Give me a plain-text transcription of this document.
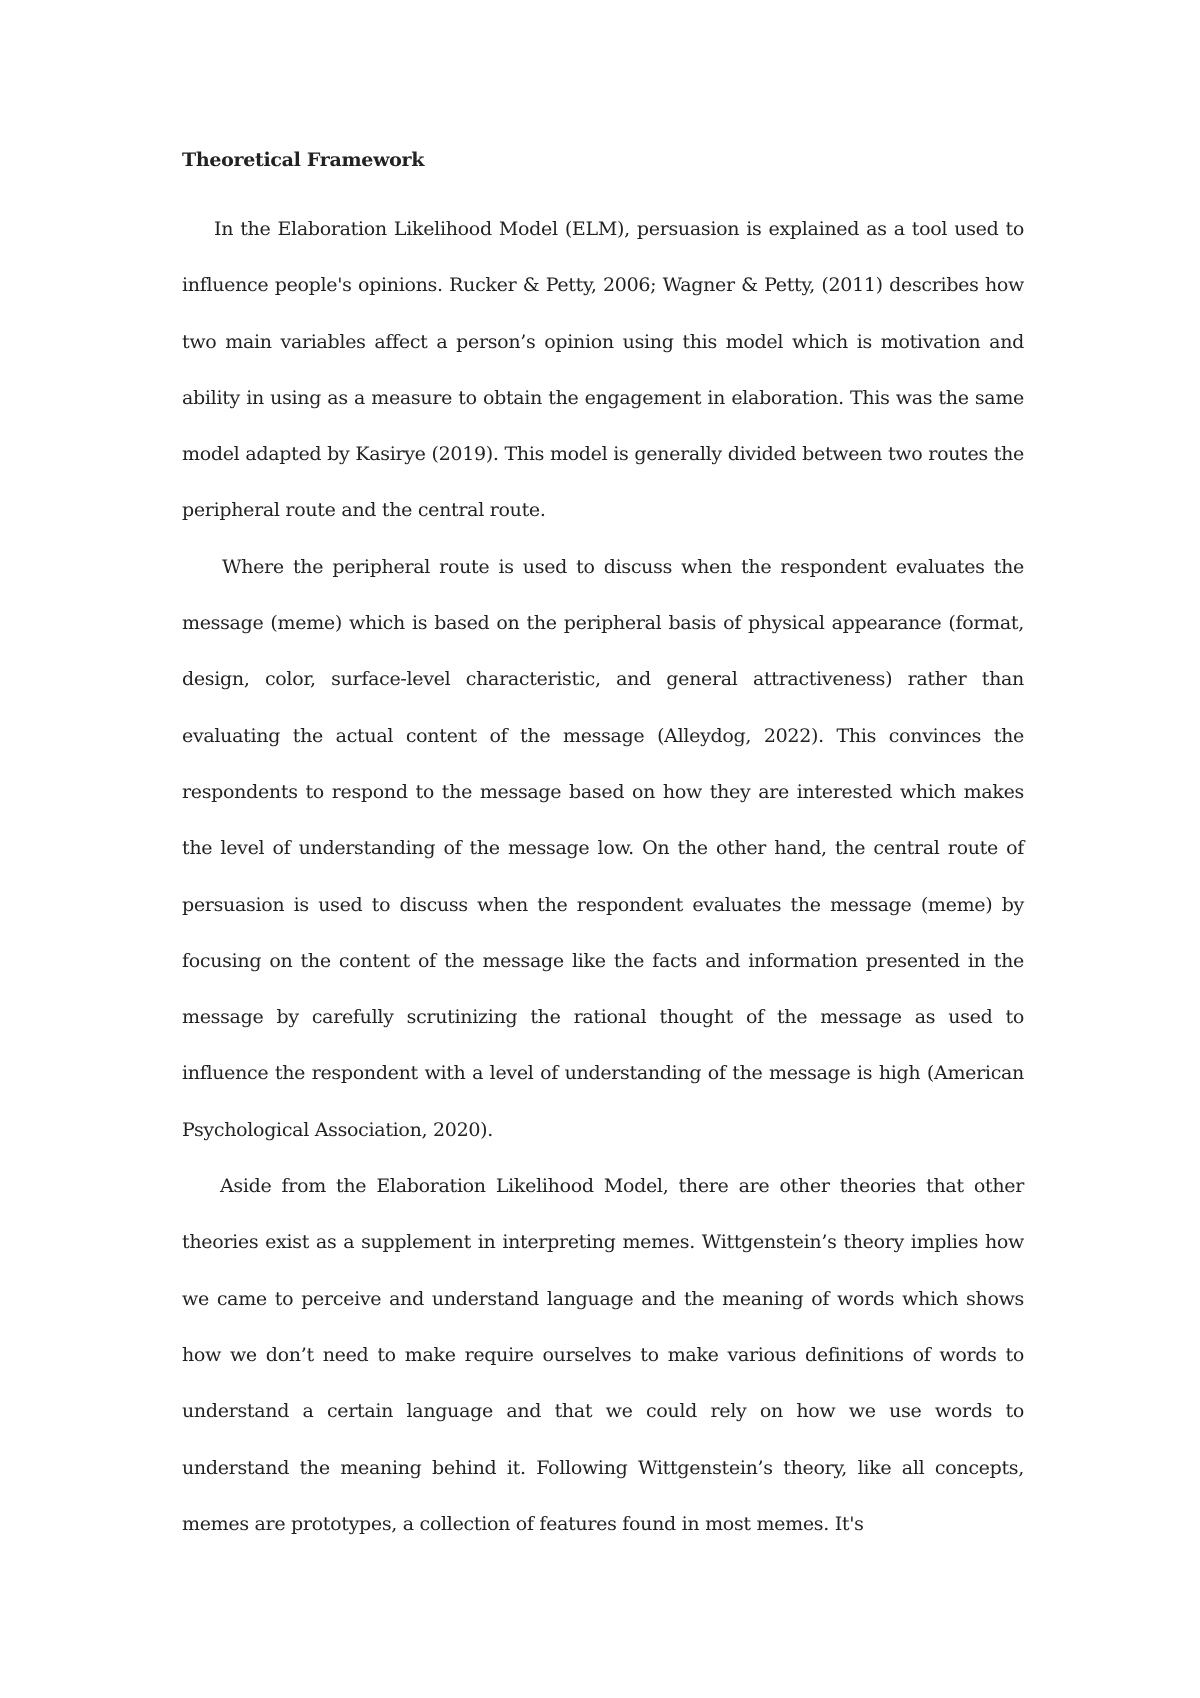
Theoretical Framework

In the Elaboration Likelihood Model (ELM), persuasion is explained as a tool used to influence people's opinions. Rucker & Petty, 2006; Wagner & Petty, (2011) describes how two main variables affect a person’s opinion using this model which is motivation and ability in using as a measure to obtain the engagement in elaboration. This was the same model adapted by Kasirye (2019). This model is generally divided between two routes the peripheral route and the central route.

Where the peripheral route is used to discuss when the respondent evaluates the message (meme) which is based on the peripheral basis of physical appearance (format, design, color, surface-level characteristic, and general attractiveness) rather than evaluating the actual content of the message (Alleydog, 2022). This convinces the respondents to respond to the message based on how they are interested which makes the level of understanding of the message low. On the other hand, the central route of persuasion is used to discuss when the respondent evaluates the message (meme) by focusing on the content of the message like the facts and information presented in the message by carefully scrutinizing the rational thought of the message as used to influence the respondent with a level of understanding of the message is high (American Psychological Association, 2020).

Aside from the Elaboration Likelihood Model, there are other theories that other theories exist as a supplement in interpreting memes. Wittgenstein’s theory implies how we came to perceive and understand language and the meaning of words which shows how we don’t need to make require ourselves to make various definitions of words to understand a certain language and that we could rely on how we use words to understand the meaning behind it. Following Wittgenstein’s theory, like all concepts, memes are prototypes, a collection of features found in most memes. It's
